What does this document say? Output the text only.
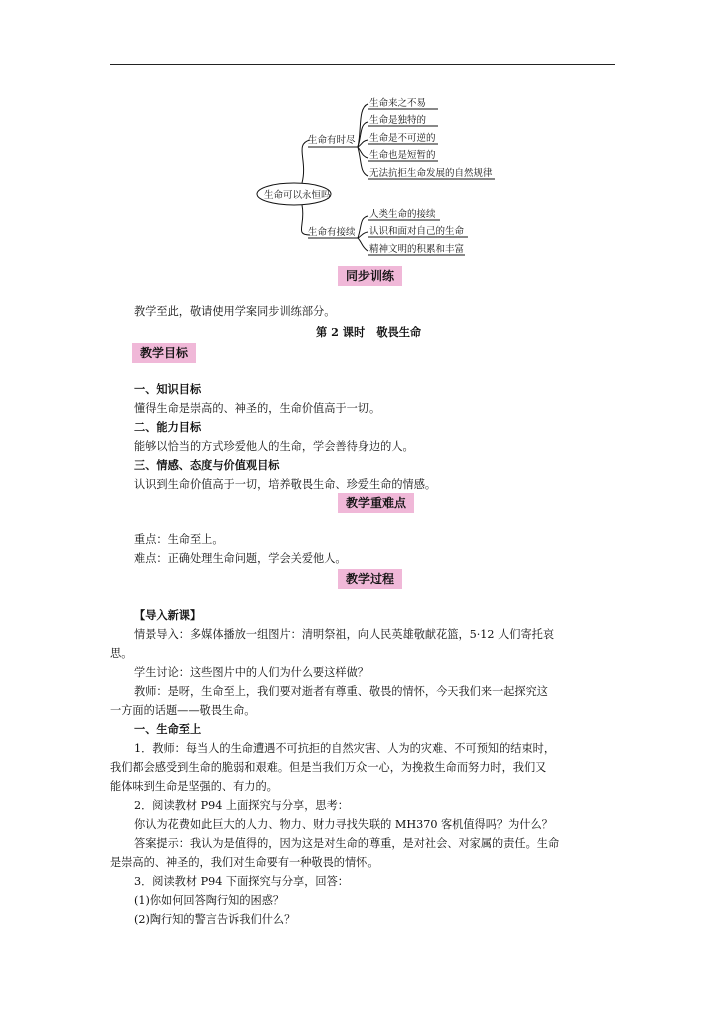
生命可以永恒吗
生命有时尽
生命来之不易
生命是独特的
生命是不可逆的
生命也是短暂的
无法抗拒生命发展的自然规律
生命有接续
人类生命的接续
认识和面对自己的生命
精神文明的积累和丰富
同步训练
教学至此，敬请使用学案同步训练部分。
第 2 课时　敬畏生命
教学目标
一、知识目标
懂得生命是崇高的、神圣的，生命价值高于一切。
二、能力目标
能够以恰当的方式珍爱他人的生命，学会善待身边的人。
三、情感、态度与价值观目标
认识到生命价值高于一切，培养敬畏生命、珍爱生命的情感。
教学重难点
重点：生命至上。
难点：正确处理生命问题，学会关爱他人。
教学过程
【导入新课】
情景导入：多媒体播放一组图片：清明祭祖，向人民英雄敬献花篮，5·12 人们寄托哀
思。
学生讨论：这些图片中的人们为什么要这样做？
教师：是呀，生命至上，我们要对逝者有尊重、敬畏的情怀，今天我们来一起探究这
一方面的话题——敬畏生命。
一、生命至上
1．教师：每当人的生命遭遇不可抗拒的自然灾害、人为的灾难、不可预知的结束时，
我们都会感受到生命的脆弱和艰难。但是当我们万众一心，为挽救生命而努力时，我们又
能体味到生命是坚强的、有力的。
2．阅读教材 P94 上面探究与分享，思考：
你认为花费如此巨大的人力、物力、财力寻找失联的 MH370 客机值得吗？为什么？
答案提示：我认为是值得的，因为这是对生命的尊重，是对社会、对家属的责任。生命
是崇高的、神圣的，我们对生命要有一种敬畏的情怀。
3．阅读教材 P94 下面探究与分享，回答：
(1)你如何回答陶行知的困惑？
(2)陶行知的警言告诉我们什么？
